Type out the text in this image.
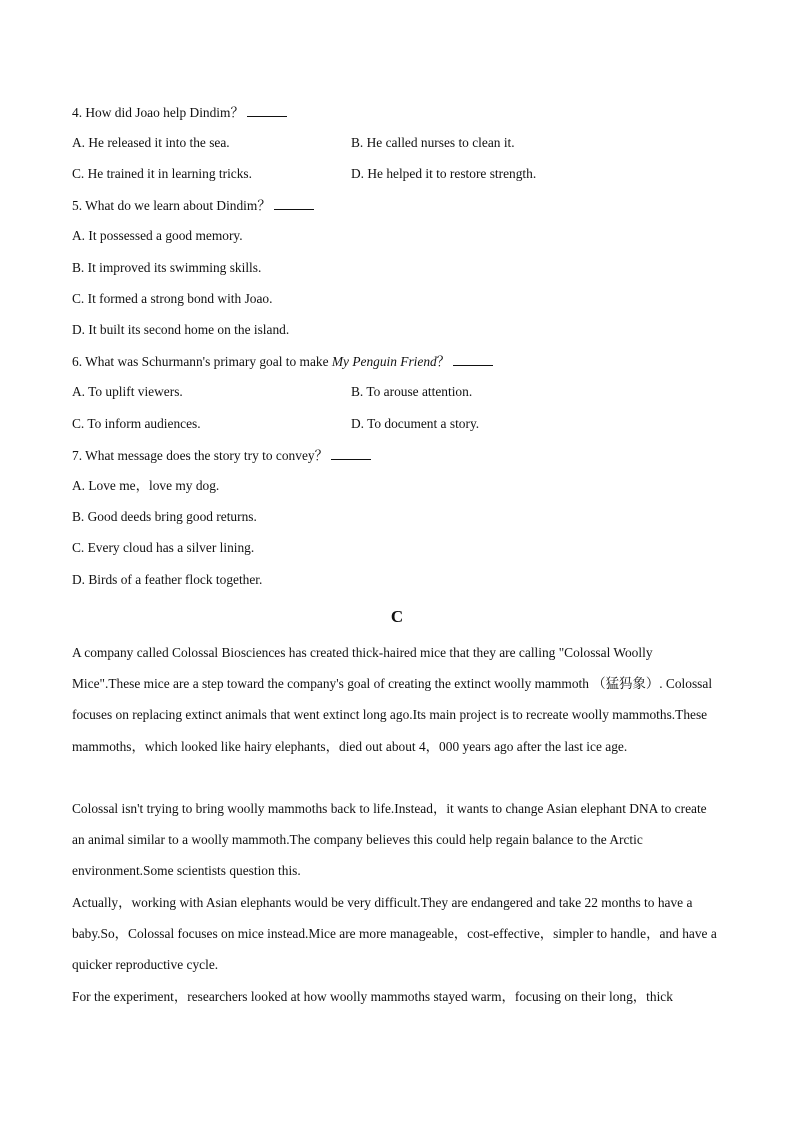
4. How did Joao help Dindim？
A. He released it into the sea.	B. He called nurses to clean it.
C. He trained it in learning tricks.	D. He helped it to restore strength.
5. What do we learn about Dindim？
A. It possessed a good memory.
B. It improved its swimming skills.
C. It formed a strong bond with Joao.
D. It built its second home on the island.
6. What was Schurmann's primary goal to make My Penguin Friend？
A. To uplift viewers.	B. To arouse attention.
C. To inform audiences.	D. To document a story.
7. What message does the story try to convey？
A. Love me，love my dog.
B. Good deeds bring good returns.
C. Every cloud has a silver lining.
D. Birds of a feather flock together.
C
A company called Colossal Biosciences has created thick-haired mice that they are calling "Colossal Woolly Mice".These mice are a step toward the company's goal of creating the extinct woolly mammoth （猛犸象）. Colossal focuses on replacing extinct animals that went extinct long ago.Its main project is to recreate woolly mammoths.These mammoths，which looked like hairy elephants，died out about 4，000 years ago after the last ice age.
Colossal isn't trying to bring woolly mammoths back to life.Instead，it wants to change Asian elephant DNA to create an animal similar to a woolly mammoth.The company believes this could help regain balance to the Arctic environment.Some scientists question this.
Actually，working with Asian elephants would be very difficult.They are endangered and take 22 months to have a baby.So，Colossal focuses on mice instead.Mice are more manageable，cost-effective，simpler to handle，and have a quicker reproductive cycle.
For the experiment，researchers looked at how woolly mammoths stayed warm，focusing on their long，thick
